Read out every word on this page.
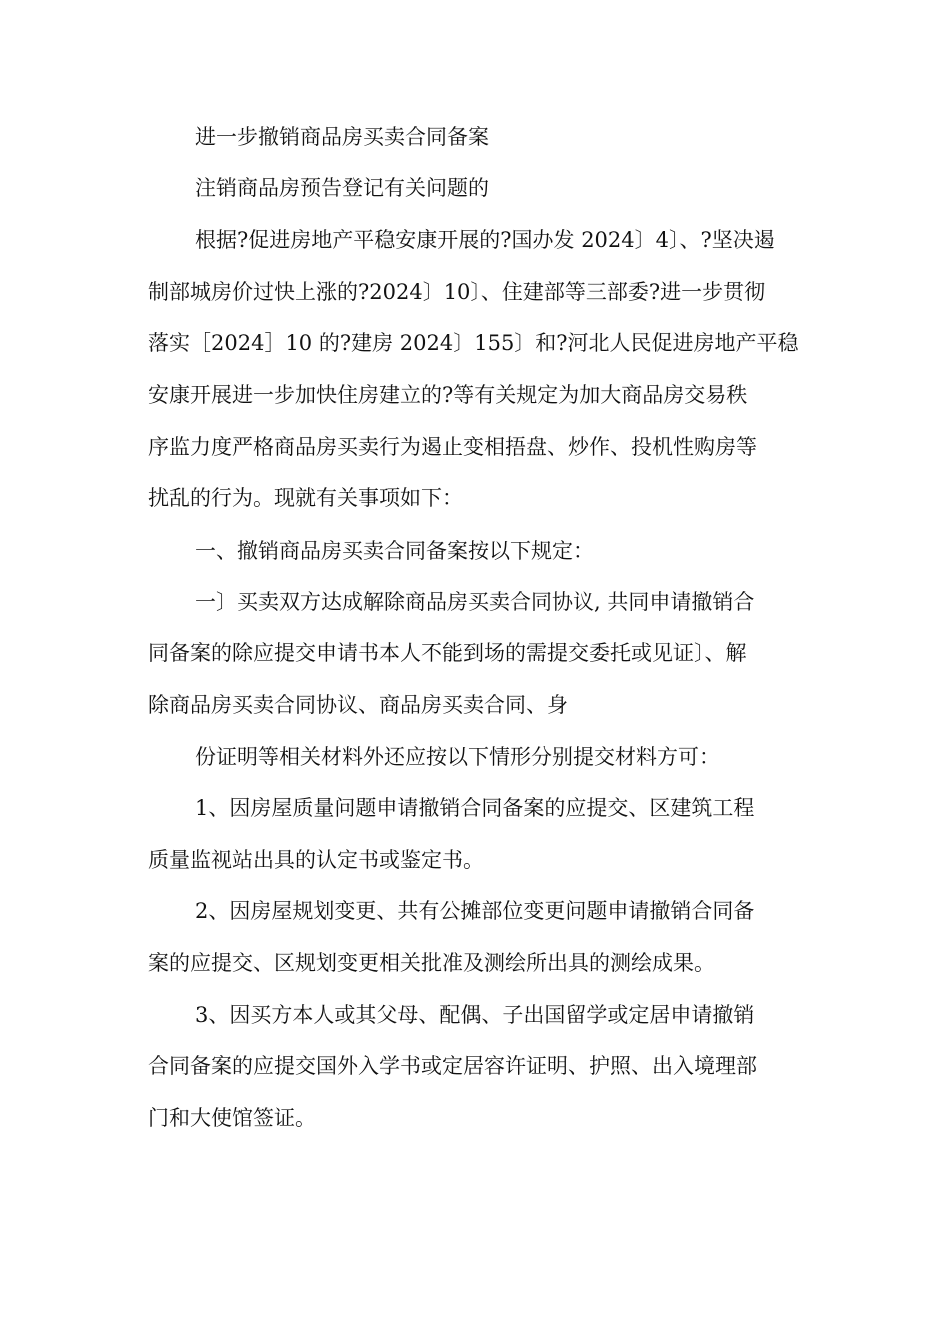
进一步撤销商品房买卖合同备案
注销商品房预告登记有关问题的
根据?促进房地产平稳安康开展的?国办发 2024〕4〕、?坚决遏
制部城房价过快上涨的?2024〕10〕、住建部等三部委?进一步贯彻
落实［2024］10 的?建房 2024〕155〕和?河北人民促进房地产平稳
安康开展进一步加快住房建立的?等有关规定为加大商品房交易秩
序监力度严格商品房买卖行为遏止变相捂盘、炒作、投机性购房等
扰乱的行为。现就有关事项如下：
一、撤销商品房买卖合同备案按以下规定：
一〕买卖双方达成解除商品房买卖合同协议, 共同申请撤销合
同备案的除应提交申请书本人不能到场的需提交委托或见证〕、解
除商品房买卖合同协议、商品房买卖合同、身
份证明等相关材料外还应按以下情形分别提交材料方可：
1、因房屋质量问题申请撤销合同备案的应提交、区建筑工程
质量监视站出具的认定书或鉴定书。
2、因房屋规划变更、共有公摊部位变更问题申请撤销合同备
案的应提交、区规划变更相关批准及测绘所出具的测绘成果。
3、因买方本人或其父母、配偶、子出国留学或定居申请撤销
合同备案的应提交国外入学书或定居容许证明、护照、出入境理部
门和大使馆签证。
